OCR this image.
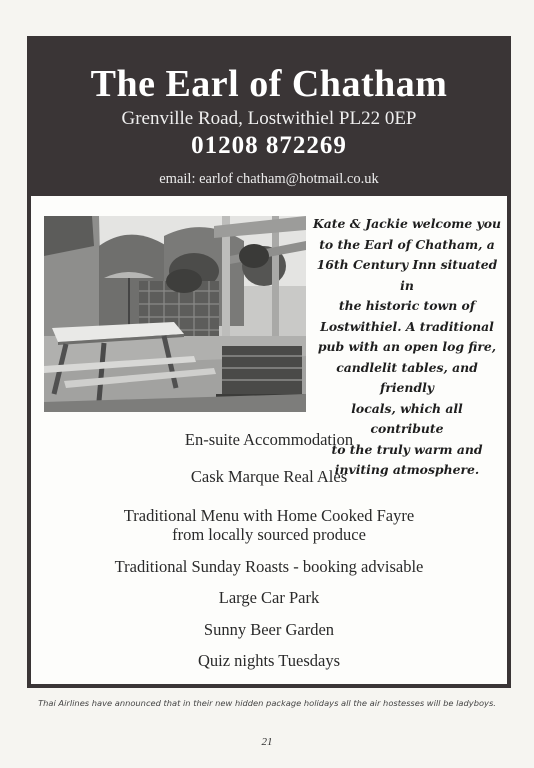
The Earl of Chatham
Grenville Road, Lostwithiel PL22 0EP
01208 872269
email: earlof chatham@hotmail.co.uk
Kate & Jackie welcome you
to the Earl of Chatham, a
16th Century Inn situated in
the historic town of
Lostwithiel. A traditional
pub with an open log fire,
candlelit tables, and friendly
locals, which all contribute
to the truly warm and
inviting atmosphere.
En-suite Accommodation
Cask Marque Real Ales
Traditional Menu with Home Cooked Fayre
from locally sourced produce
Traditional Sunday Roasts - booking advisable
Large Car Park
Sunny Beer Garden
Quiz nights Tuesdays
Thai Airlines have announced that in their new hidden package holidays all the air hostesses will be ladyboys.
21
